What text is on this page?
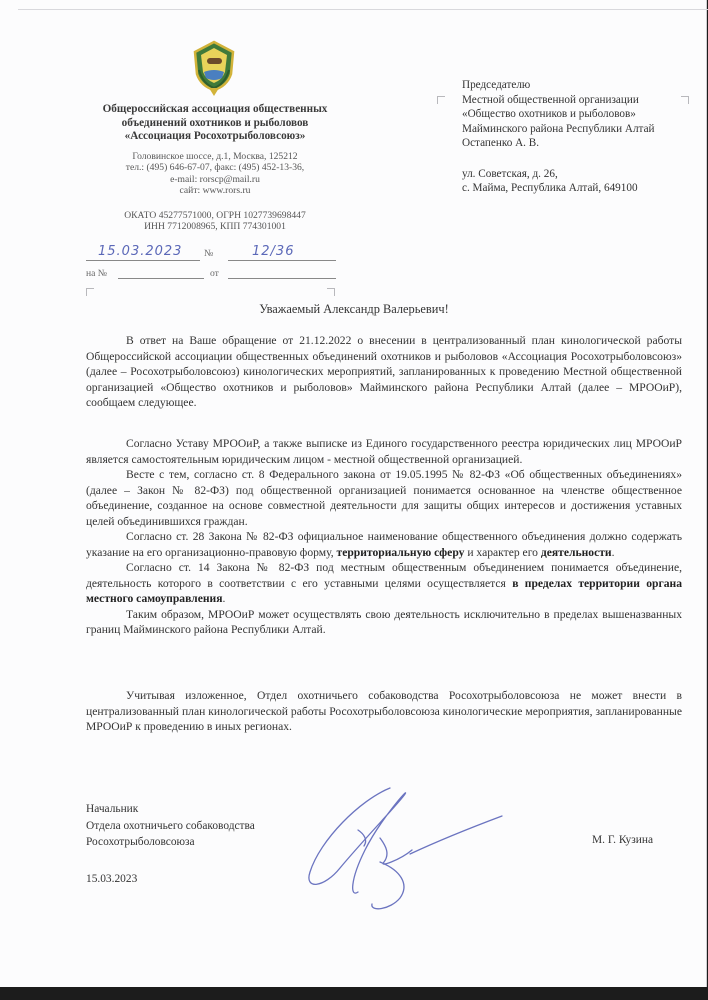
Общероссийская ассоциация общественных
объединений охотников и рыболовов
«Ассоциация Росохотрыболовсоюз»
Головинское шоссе, д.1, Москва, 125212
тел.: (495) 646-67-07, факс: (495) 452-13-36,
e-mail: rorscp@mail.ru
сайт: www.rors.ru
ОКАТО 45277571000, ОГРН 1027739698447
ИНН 7712008965, КПП 774301001
15.03.2023 №	12/36
на №	от
Председателю
Местной общественной организации
«Общество охотников и рыболовов»
Майминского района Республики Алтай
Остапенко А. В.
ул. Советская, д. 26,
с. Майма, Республика Алтай, 649100
Уважаемый Александр Валерьевич!

В ответ на Ваше обращение от 21.12.2022 о внесении в централизованный план кинологической работы Общероссийской ассоциации общественных объединений охотников и рыболовов «Ассоциация Росохотрыболовсоюз» (далее – Росохотрыболовсоюз) кинологических мероприятий, запланированных к проведению Местной общественной организацией «Общество охотников и рыболовов» Майминского района Республики Алтай (далее – МРООиР), сообщаем следующее.

Согласно Уставу МРООиР, а также выписке из Единого государственного реестра юридических лиц МРООиР является самостоятельным юридическим лицом - местной общественной организацией.

Весте с тем, согласно ст. 8 Федерального закона от 19.05.1995 № 82-ФЗ «Об общественных объединениях» (далее – Закон № 82-ФЗ) под общественной организацией понимается основанное на членстве общественное объединение, созданное на основе совместной деятельности для защиты общих интересов и достижения уставных целей объединившихся граждан.

Согласно ст. 28 Закона № 82-ФЗ официальное наименование общественного объединения должно содержать указание на его организационно-правовую форму, территориальную сферу и характер его деятельности.

Согласно ст. 14 Закона № 82-ФЗ под местным общественным объединением понимается объединение, деятельность которого в соответствии с его уставными целями осуществляется в пределах территории органа местного самоуправления.

Таким образом, МРООиР может осуществлять свою деятельность исключительно в пределах вышеназванных границ Майминского района Республики Алтай.

Учитывая изложенное, Отдел охотничьего собаководства Росохотрыболовсоюза не может внести в централизованный план кинологической работы Росохотрыболовсоюза кинологические мероприятия, запланированные МРООиР к проведению в иных регионах.

Начальник
Отдела охотничьего собаководства
Росохотрыболовсоюза
15.03.2023
М. Г. Кузина
